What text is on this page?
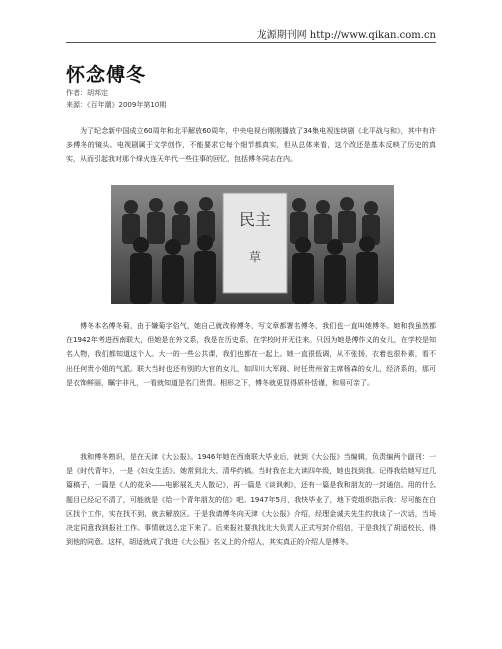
龙源期刊网 http://www.qikan.com.cn
怀念傅冬
作者：胡邦定
来源：《百年潮》2009年第10期

为了纪念新中国成立60周年和北平解放60周年，中央电视台刚刚播放了34集电视连续剧《北平战与和》，其中有许多傅冬的镜头。电视剧属于文学创作，不能要求它每个细节都真实，但从总体来看，这个改还是基本反映了历史的真实，从而引起我对那个烽火连天年代一些往事的回忆，包括傅冬同志在内。

民主
草

傅冬本名傅冬菊，由于嫌菊字俗气，她自己就改称傅冬，写文章都署名傅冬，我们也一直叫她傅冬。她和我虽然都在1942年考进西南联大，但她是在外文系，我是在历史系，在学校时并无往来。只因为她是傅作义的女儿，在学校是知名人物，我们都知道这个人。大一的一些公共课，我们也都在一起上。她一直很低调，从不张扬，衣着也很朴素，看不出任何贵小姐的气派。联大当时也还有别的大官的女儿，如四川大军阀、时任贵州省主席杨森的女儿，经济系的，那可是衣饰鲜丽，瞩宇非凡，一看就知道是名门贵胄。相形之下，傅冬就更显得质朴恬谨，和易可亲了。

我和傅冬熟识，是在天津《大公报》。1946年她在西南联大毕业后，就到《大公报》当编辑，负责编两个副刊：一是《时代青年》，一是《妇女生活》。她常到北大、清华约稿。当时我在北大读四年级，她也找到我。记得我给她写过几篇稿子，一篇是《人的花朵——电影展礼夫人散记》，再一篇是《谈讽刺》，还有一篇是我和朋友的一封通信。用的什么题目已经记不清了，可能就是《给一个青年朋友的信》吧。1947年5月，我快毕业了，地下党组织指示我：尽可能在白区找个工作，实在找不到，就去解放区。于是我请傅冬向天津《大公报》介绍，经理金诚夫先生约我谈了一次话，当场决定同意我到报社工作。事情就这么定下来了。后来报社要我找北大负责人正式写封介绍信，于是我找了胡适校长，得到他的同意。这样，胡适就成了我进《大公报》名义上的介绍人，其实真正的介绍人是傅冬。
